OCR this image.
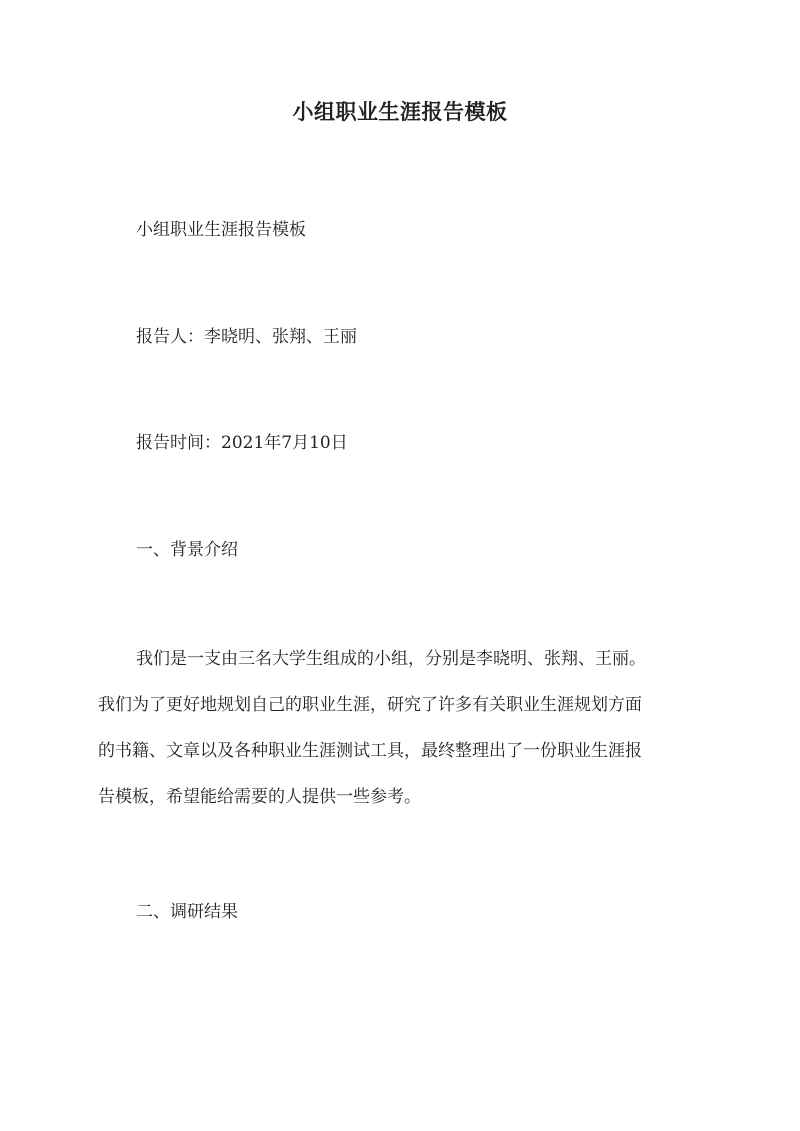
小组职业生涯报告模板
小组职业生涯报告模板
报告人：李晓明、张翔、王丽
报告时间：2021年7月10日
一、背景介绍
我们是一支由三名大学生组成的小组，分别是李晓明、张翔、王丽。
我们为了更好地规划自己的职业生涯，研究了许多有关职业生涯规划方面
的书籍、文章以及各种职业生涯测试工具，最终整理出了一份职业生涯报
告模板，希望能给需要的人提供一些参考。
二、调研结果
